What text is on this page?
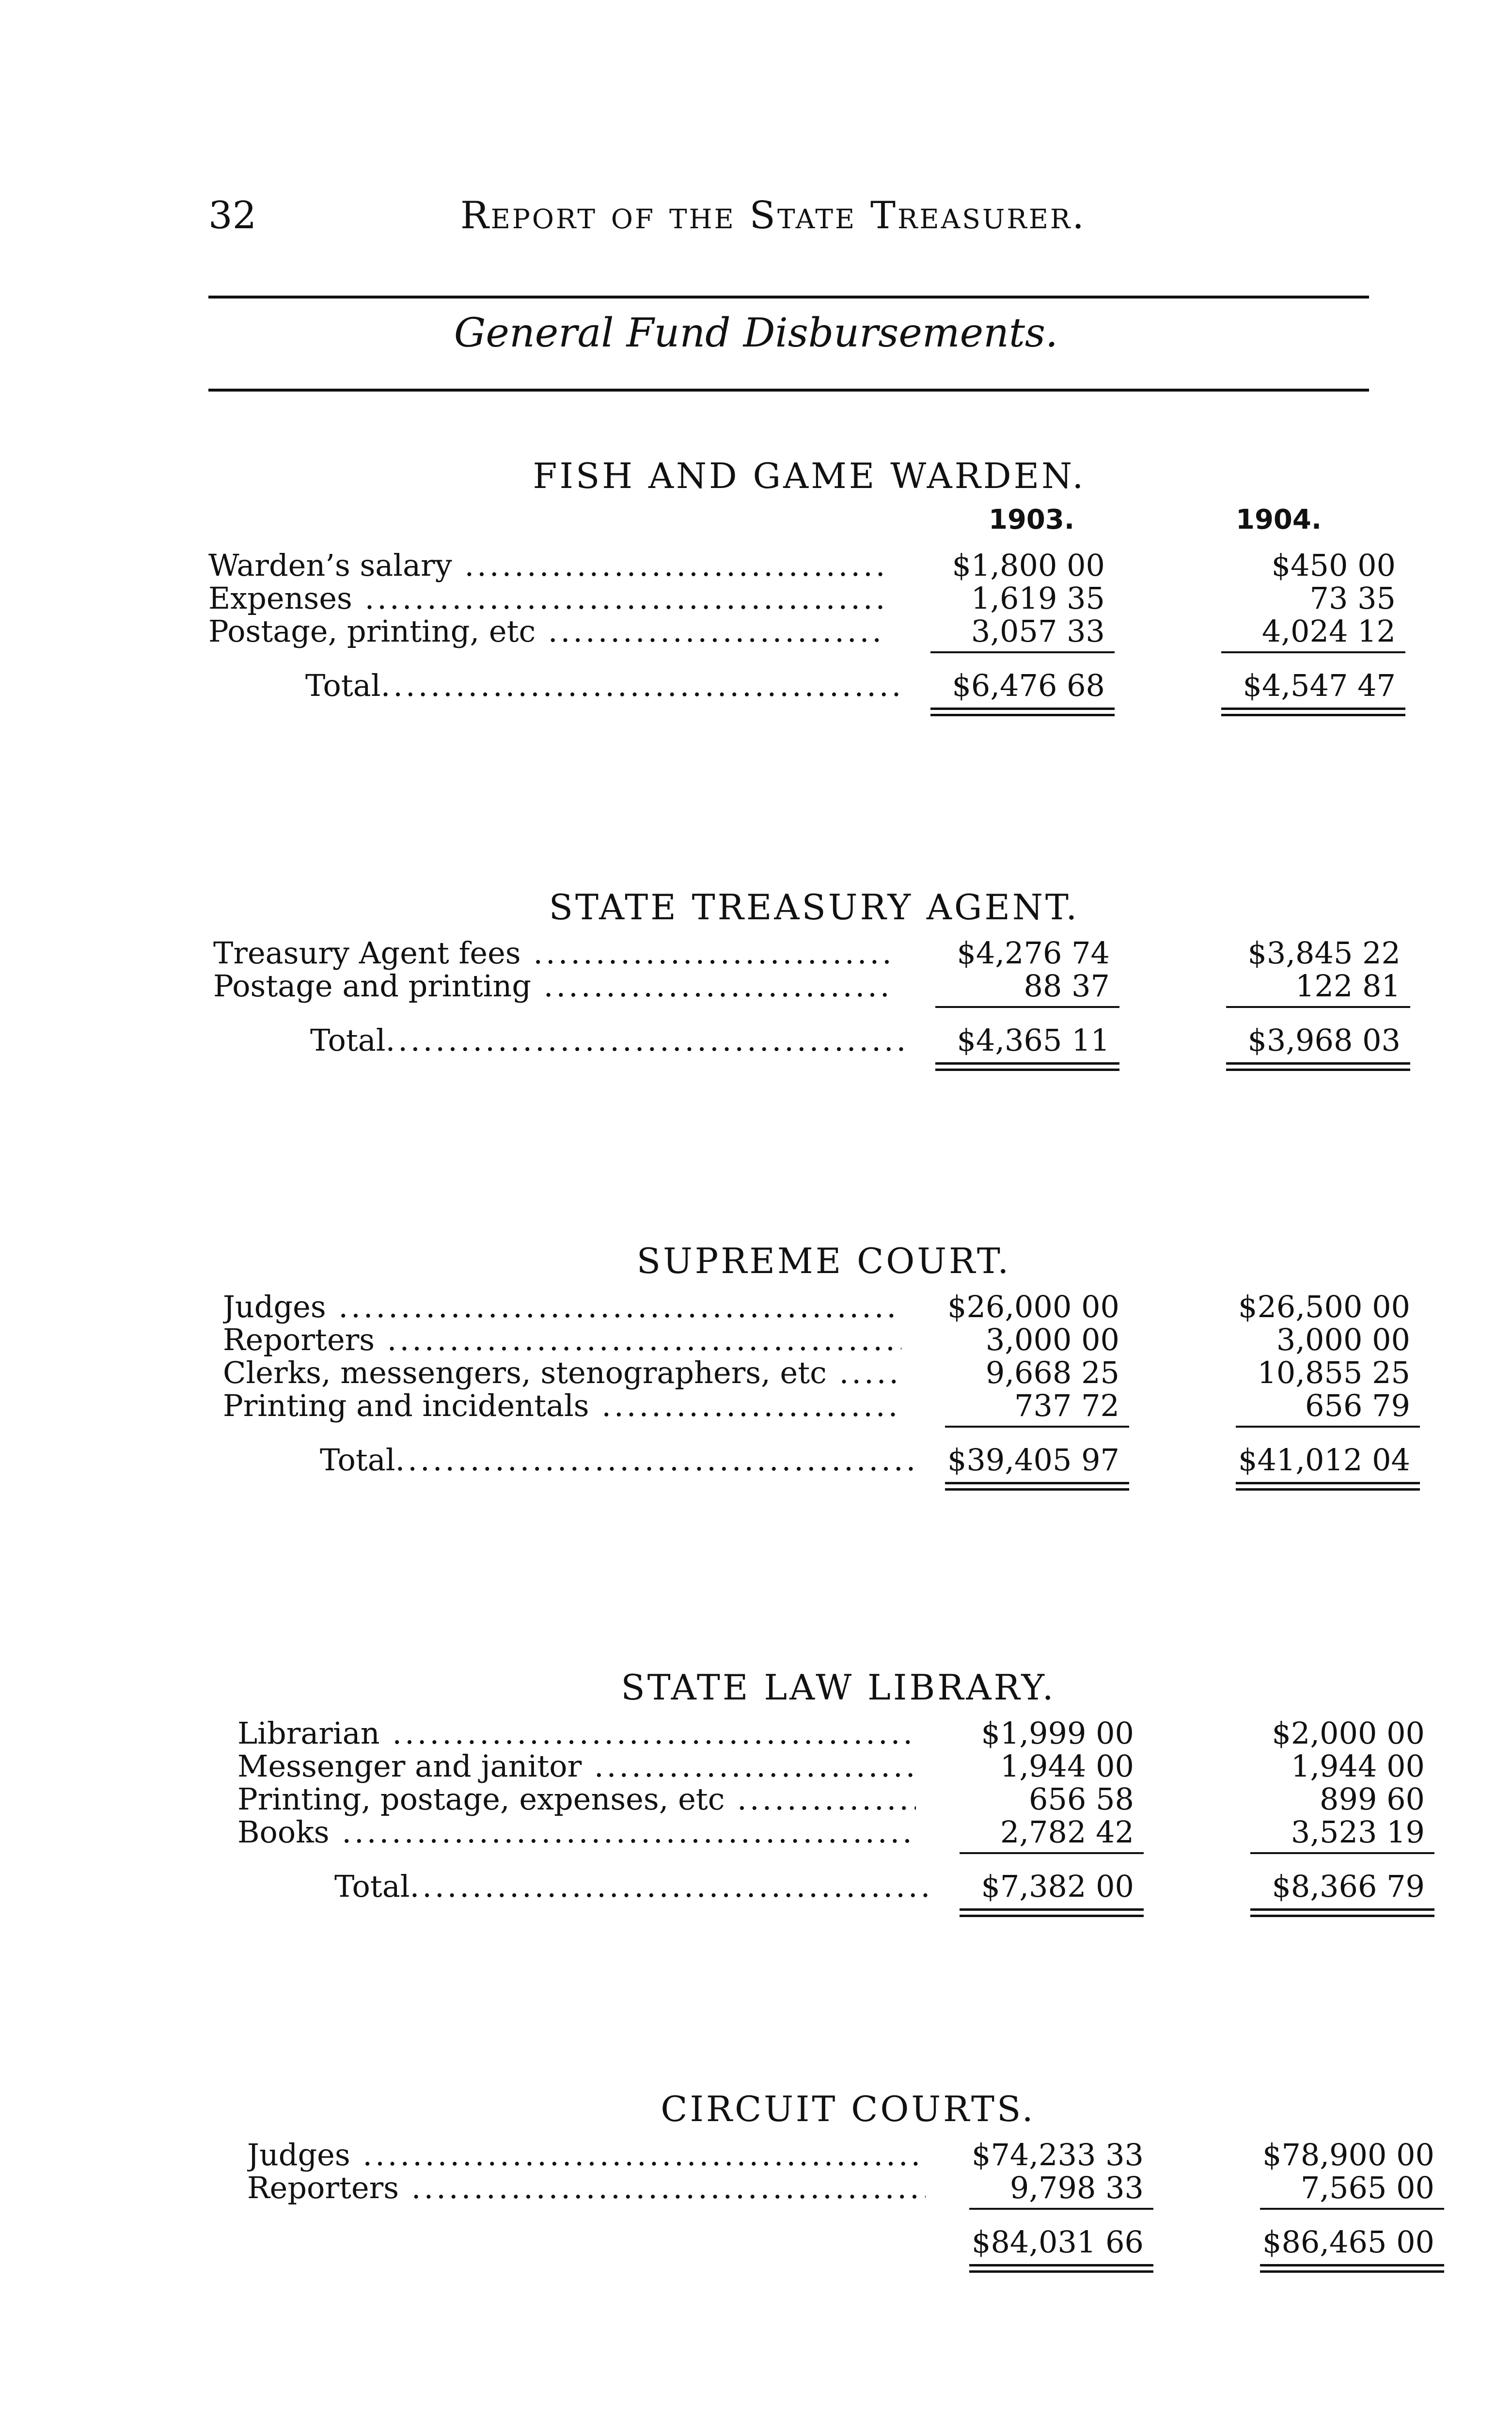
32	Report of the State Treasurer.
General Fund Disbursements.
FISH AND GAME WARDEN.
1903.	1904.
Warden’s salary .....	$1,800 00	$450 00
Expenses .....	1,619 35	73 35
Postage, printing, etc .....	3,057 33	4,024 12
Total .....	$6,476 68	$4,547 47
STATE TREASURY AGENT.
Treasury Agent fees .....	$4,276 74	$3,845 22
Postage and printing .....	88 37	122 81
Total .....	$4,365 11	$3,968 03
SUPREME COURT.
Judges .....	$26,000 00	$26,500 00
Reporters .....	3,000 00	3,000 00
Clerks, messengers, stenographers, etc .....	9,668 25	10,855 25
Printing and incidentals .....	737 72	656 79
Total .....	$39,405 97	$41,012 04
STATE LAW LIBRARY.
Librarian .....	$1,999 00	$2,000 00
Messenger and janitor .....	1,944 00	1,944 00
Printing, postage, expenses, etc .....	656 58	899 60
Books .....	2,782 42	3,523 19
Total .....	$7,382 00	$8,366 79
CIRCUIT COURTS.
Judges .....	$74,233 33	$78,900 00
Reporters .....	9,798 33	7,565 00
$84,031 66	$86,465 00
